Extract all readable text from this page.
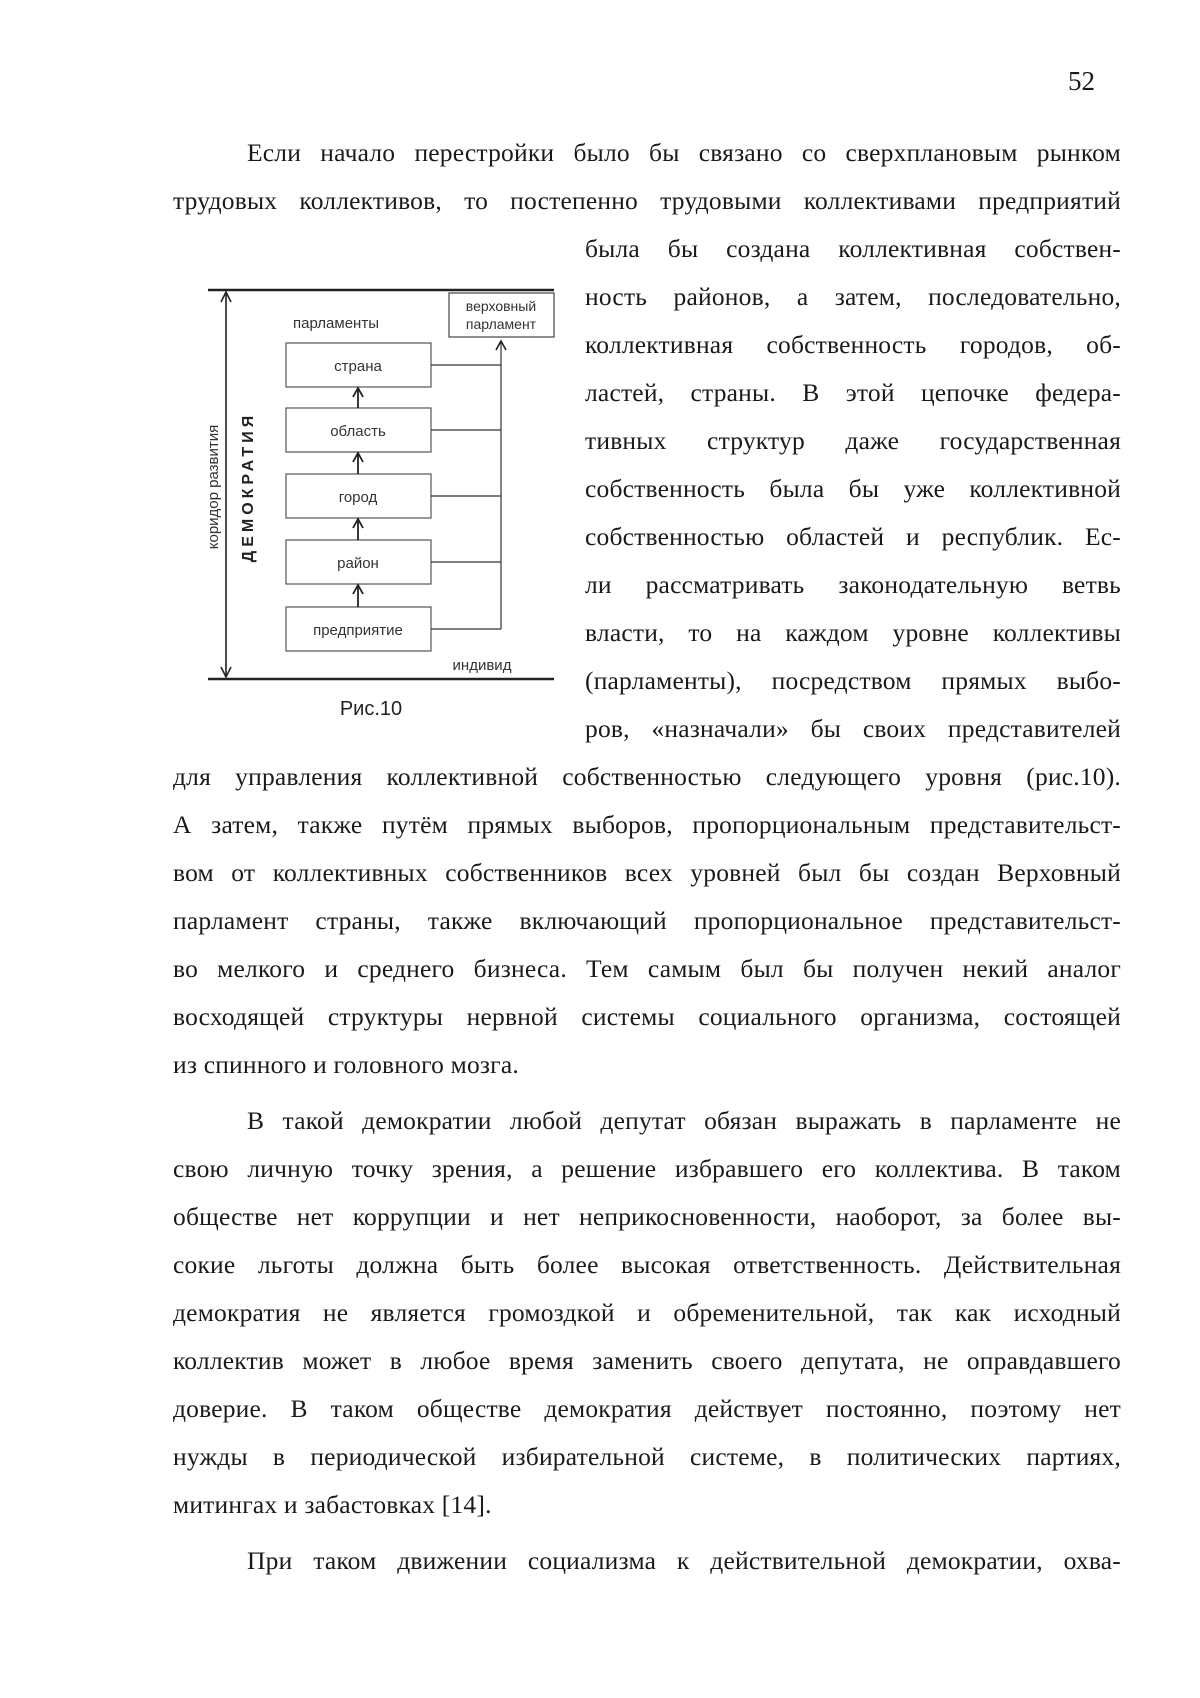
52
Если начало перестройки было бы связано со сверхплановым рынком
трудовых коллективов, то постепенно трудовыми коллективами предприятий
была бы создана коллективная собствен-
ность районов, а затем, последовательно,
коллективная собственность городов, об-
ластей, страны. В этой цепочке федера-
тивных структур даже государственная
собственность была бы уже коллективной
собственностью областей и республик. Ес-
ли рассматривать законодательную ветвь
власти, то на каждом уровне коллективы
(парламенты), посредством прямых выбо-
ров, «назначали» бы своих представителей
для управления коллективной собственностью следующего уровня (рис.10).
А затем, также путём прямых выборов, пропорциональным представительст-
вом от коллективных собственников всех уровней был бы создан Верховный
парламент страны, также включающий пропорциональное представительст-
во мелкого и среднего бизнеса. Тем самым был бы получен некий аналог
восходящей структуры нервной системы социального организма, состоящей
из спинного и головного мозга.
В такой демократии любой депутат обязан выражать в парламенте не
свою личную точку зрения, а решение избравшего его коллектива. В таком
обществе нет коррупции и нет неприкосновенности, наоборот, за более вы-
сокие льготы должна быть более высокая ответственность. Действительная
демократия не является громоздкой и обременительной, так как исходный
коллектив может в любое время заменить своего депутата, не оправдавшего
доверие. В таком обществе демократия действует постоянно, поэтому нет
нужды в периодической избирательной системе, в политических партиях,
митингах и забастовках [14].
При таком движении социализма к действительной демократии, охва-
коридор развития ДЕМОКРАТИЯ
парламенты
верховный
парламент
страна
область
город
район
предприятие
индивид
Рис.10
